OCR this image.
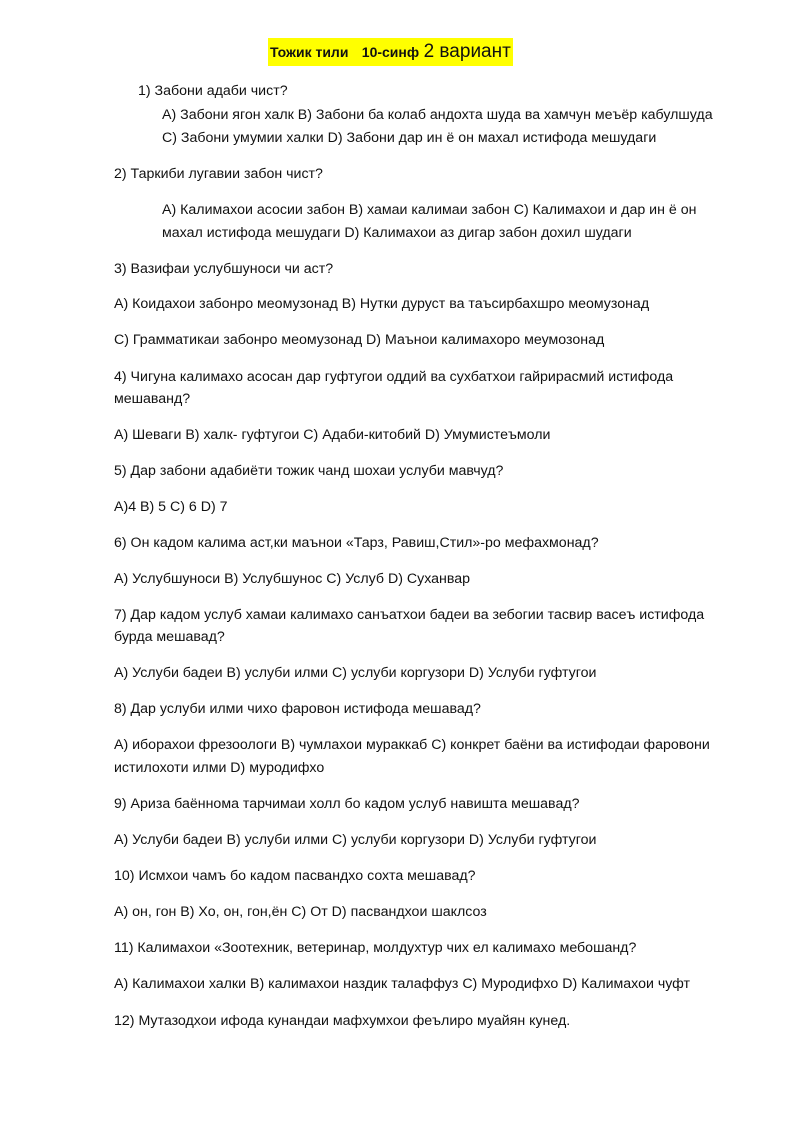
Тожик тили 10-синф 2 вариант
1) Забони адаби чист?
А) Забони ягон халк В) Забони ба колаб андохта шуда ва хамчун меъёр кабулшуда
С) Забони умумии халки D) Забони дар ин ё он махал истифода мешудаги
2) Таркиби лугавии забон чист?
А) Калимахои асосии забон В) хамаи калимаи забон С) Калимахои и дар ин ё он
махал истифода мешудаги D) Калимахои аз дигар забон дохил шудаги
3) Вазифаи услубшуноси чи аст?
А) Коидахои забонро меомузонад В) Нутки дуруст ва таъсирбахшро меомузонад
С) Грамматикаи забонро меомузонад D) Маънои калимахоро меумозонад
4) Чигуна калимахо асосан дар гуфтугои оддий ва сухбатхои гайрирасмий истифода
мешаванд?
А) Шеваги В) халк- гуфтугои С) Адаби-китобий D) Умумистеъмоли
5) Дар забони адабиёти тожик чанд шохаи услуби мавчуд?
А)4 В) 5 С) 6 D) 7
6) Он кадом калима аст,ки маънои «Тарз, Равиш,Стил»-ро мефахмонад?
А) Услубшуноси В) Услубшунос С) Услуб D) Суханвар
7) Дар кадом услуб хамаи калимахо санъатхои бадеи ва зебогии тасвир васеъ истифода
бурда мешавад?
А) Услуби бадеи В) услуби илми С) услуби коргузори D) Услуби гуфтугои
8) Дар услуби илми чихо фаровон истифода мешавад?
А) иборахои фрезоологи В) чумлахои мураккаб С) конкрет баёни ва истифодаи фаровони
истилохоти илми D) муродифхо
9) Ариза баённома тарчимаи холл бо кадом услуб навишта мешавад?
А) Услуби бадеи В) услуби илми С) услуби коргузори D) Услуби гуфтугои
10) Исмхои чамъ бо кадом пасвандхо сохта мешавад?
А) он, гон В) Хо, он, гон,ён С) От D) пасвандхои шаклсоз
11) Калимахои «Зоотехник, ветеринар, молдухтур чих ел калимахо мебошанд?
А) Калимахои халки В) калимахои наздик талаффуз С) Муродифхо D) Калимахои чуфт
12) Мутазодхои ифода кунандаи мафхумхои феълиро муайян кунед.
